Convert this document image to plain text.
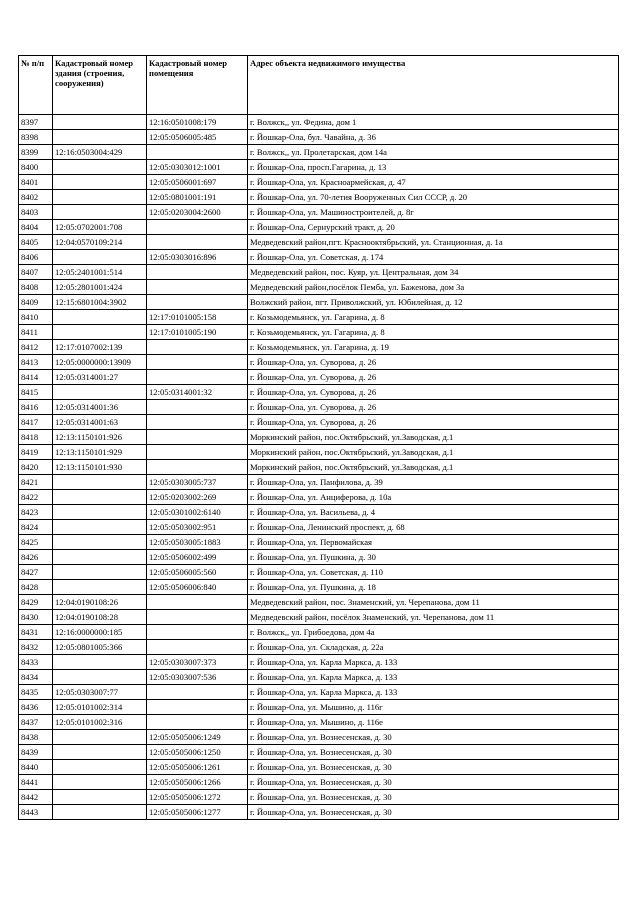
№ п/п	Кадастровый номер здания (строения, сооружения)	Кадастровый номер помещения	Адрес объекта недвижимого имущества
8397		12:16:0501008:179	г. Волжск,, ул. Федина, дом 1
8398		12:05:0506005:485	г. Йошкар-Ола, бул. Чавайна, д. 36
8399	12:16:0503004:429		г. Волжск,, ул. Пролетарская, дом 14а
8400		12:05:0303012:1001	г. Йошкар-Ола, просп.Гагарина, д. 13
8401		12:05:0506001:697	г. Йошкар-Ола, ул. Красноармейская, д. 47
8402		12:05:0801001:191	г. Йошкар-Ола, ул. 70-летия Вооруженных Сил СССР, д. 20
8403		12:05:0203004:2600	г. Йошкар-Ола, ул. Машиностроителей, д. 8г
8404	12:05:0702001:708		г. Йошкар-Ола, Сернурский тракт, д. 20
8405	12:04:0570109:214		Медведевский район,пгт. Краснооктябрьский, ул. Станционная, д. 1а
8406		12:05:0303016:896	г. Йошкар-Ола, ул. Советская, д. 174
8407	12:05:2401001:514		Медведевский район, пос. Куяр, ул. Центральная, дом 34
8408	12:05:2801001:424		Медведевский район,посёлок Пемба, ул. Баженова, дом 3а
8409	12:15:6801004:3902		Волжский район, пгт. Приволжский, ул. Юбилейная, д. 12
8410		12:17:0101005:158	г. Козьмодемьянск, ул. Гагарина, д. 8
8411		12:17:0101005:190	г. Козьмодемьянск, ул. Гагарина, д. 8
8412	12:17:0107002:139		г. Козьмодемьянск, ул. Гагарина, д. 19
8413	12:05:0000000:13909		г. Йошкар-Ола, ул. Суворова, д. 26
8414	12:05:0314001:27		г. Йошкар-Ола, ул. Суворова, д. 26
8415		12:05:0314001:32	г. Йошкар-Ола, ул. Суворова, д. 26
8416	12:05:0314001:36		г. Йошкар-Ола, ул. Суворова, д. 26
8417	12:05:0314001:63		г. Йошкар-Ола, ул. Суворова, д. 26
8418	12:13:1150101:926		Моркинский район, пос.Октябрьский, ул.Заводская, д.1
8419	12:13:1150101:929		Моркинский район, пос.Октябрьский, ул.Заводская, д.1
8420	12:13:1150101:930		Моркинский район, пос.Октябрьский, ул.Заводская, д.1
8421		12:05:0303005:737	г. Йошкар-Ола, ул. Панфилова, д. 39
8422		12:05:0203002:269	г. Йошкар-Ола, ул. Анциферова, д. 10а
8423		12:05:0301002:6140	г. Йошкар-Ола, ул. Васильева, д. 4
8424		12:05:0503002:951	г. Йошкар-Ола, Ленинский проспект, д. 68
8425		12:05:0503005:1883	г. Йошкар-Ола, ул. Первомайская
8426		12:05:0506002:499	г. Йошкар-Ола, ул. Пушкина, д. 30
8427		12:05:0506005:560	г. Йошкар-Ола, ул. Советская, д. 110
8428		12:05:0506006:840	г. Йошкар-Ола, ул. Пушкина, д. 18
8429	12:04:0190108:26		Медведевский район, пос. Знаменский, ул. Черепанова, дом 11
8430	12:04:0190108:28		Медведевский район, посёлок Знаменский, ул. Черепанова, дом 11
8431	12:16:0000000:185		г. Волжск,, ул. Грибоедова, дом 4а
8432	12:05:0801005:366		г. Йошкар-Ола, ул. Складская, д. 22а
8433		12:05:0303007:373	г. Йошкар-Ола, ул. Карла Маркса, д. 133
8434		12:05:0303007:536	г. Йошкар-Ола, ул. Карла Маркса, д. 133
8435	12:05:0303007:77		г. Йошкар-Ола, ул. Карла Маркса, д. 133
8436	12:05:0101002:314		г. Йошкар-Ола, ул. Мышино, д. 116г
8437	12:05:0101002:316		г. Йошкар-Ола, ул. Мышино, д. 116е
8438		12:05:0505006:1249	г. Йошкар-Ола, ул. Вознесенская, д. 30
8439		12:05:0505006:1250	г. Йошкар-Ола, ул. Вознесенская, д. 30
8440		12:05:0505006:1261	г. Йошкар-Ола, ул. Вознесенская, д. 30
8441		12:05:0505006:1266	г. Йошкар-Ола, ул. Вознесенская, д. 30
8442		12:05:0505006:1272	г. Йошкар-Ола, ул. Вознесенская, д. 30
8443		12:05:0505006:1277	г. Йошкар-Ола, ул. Вознесенская, д. 30
